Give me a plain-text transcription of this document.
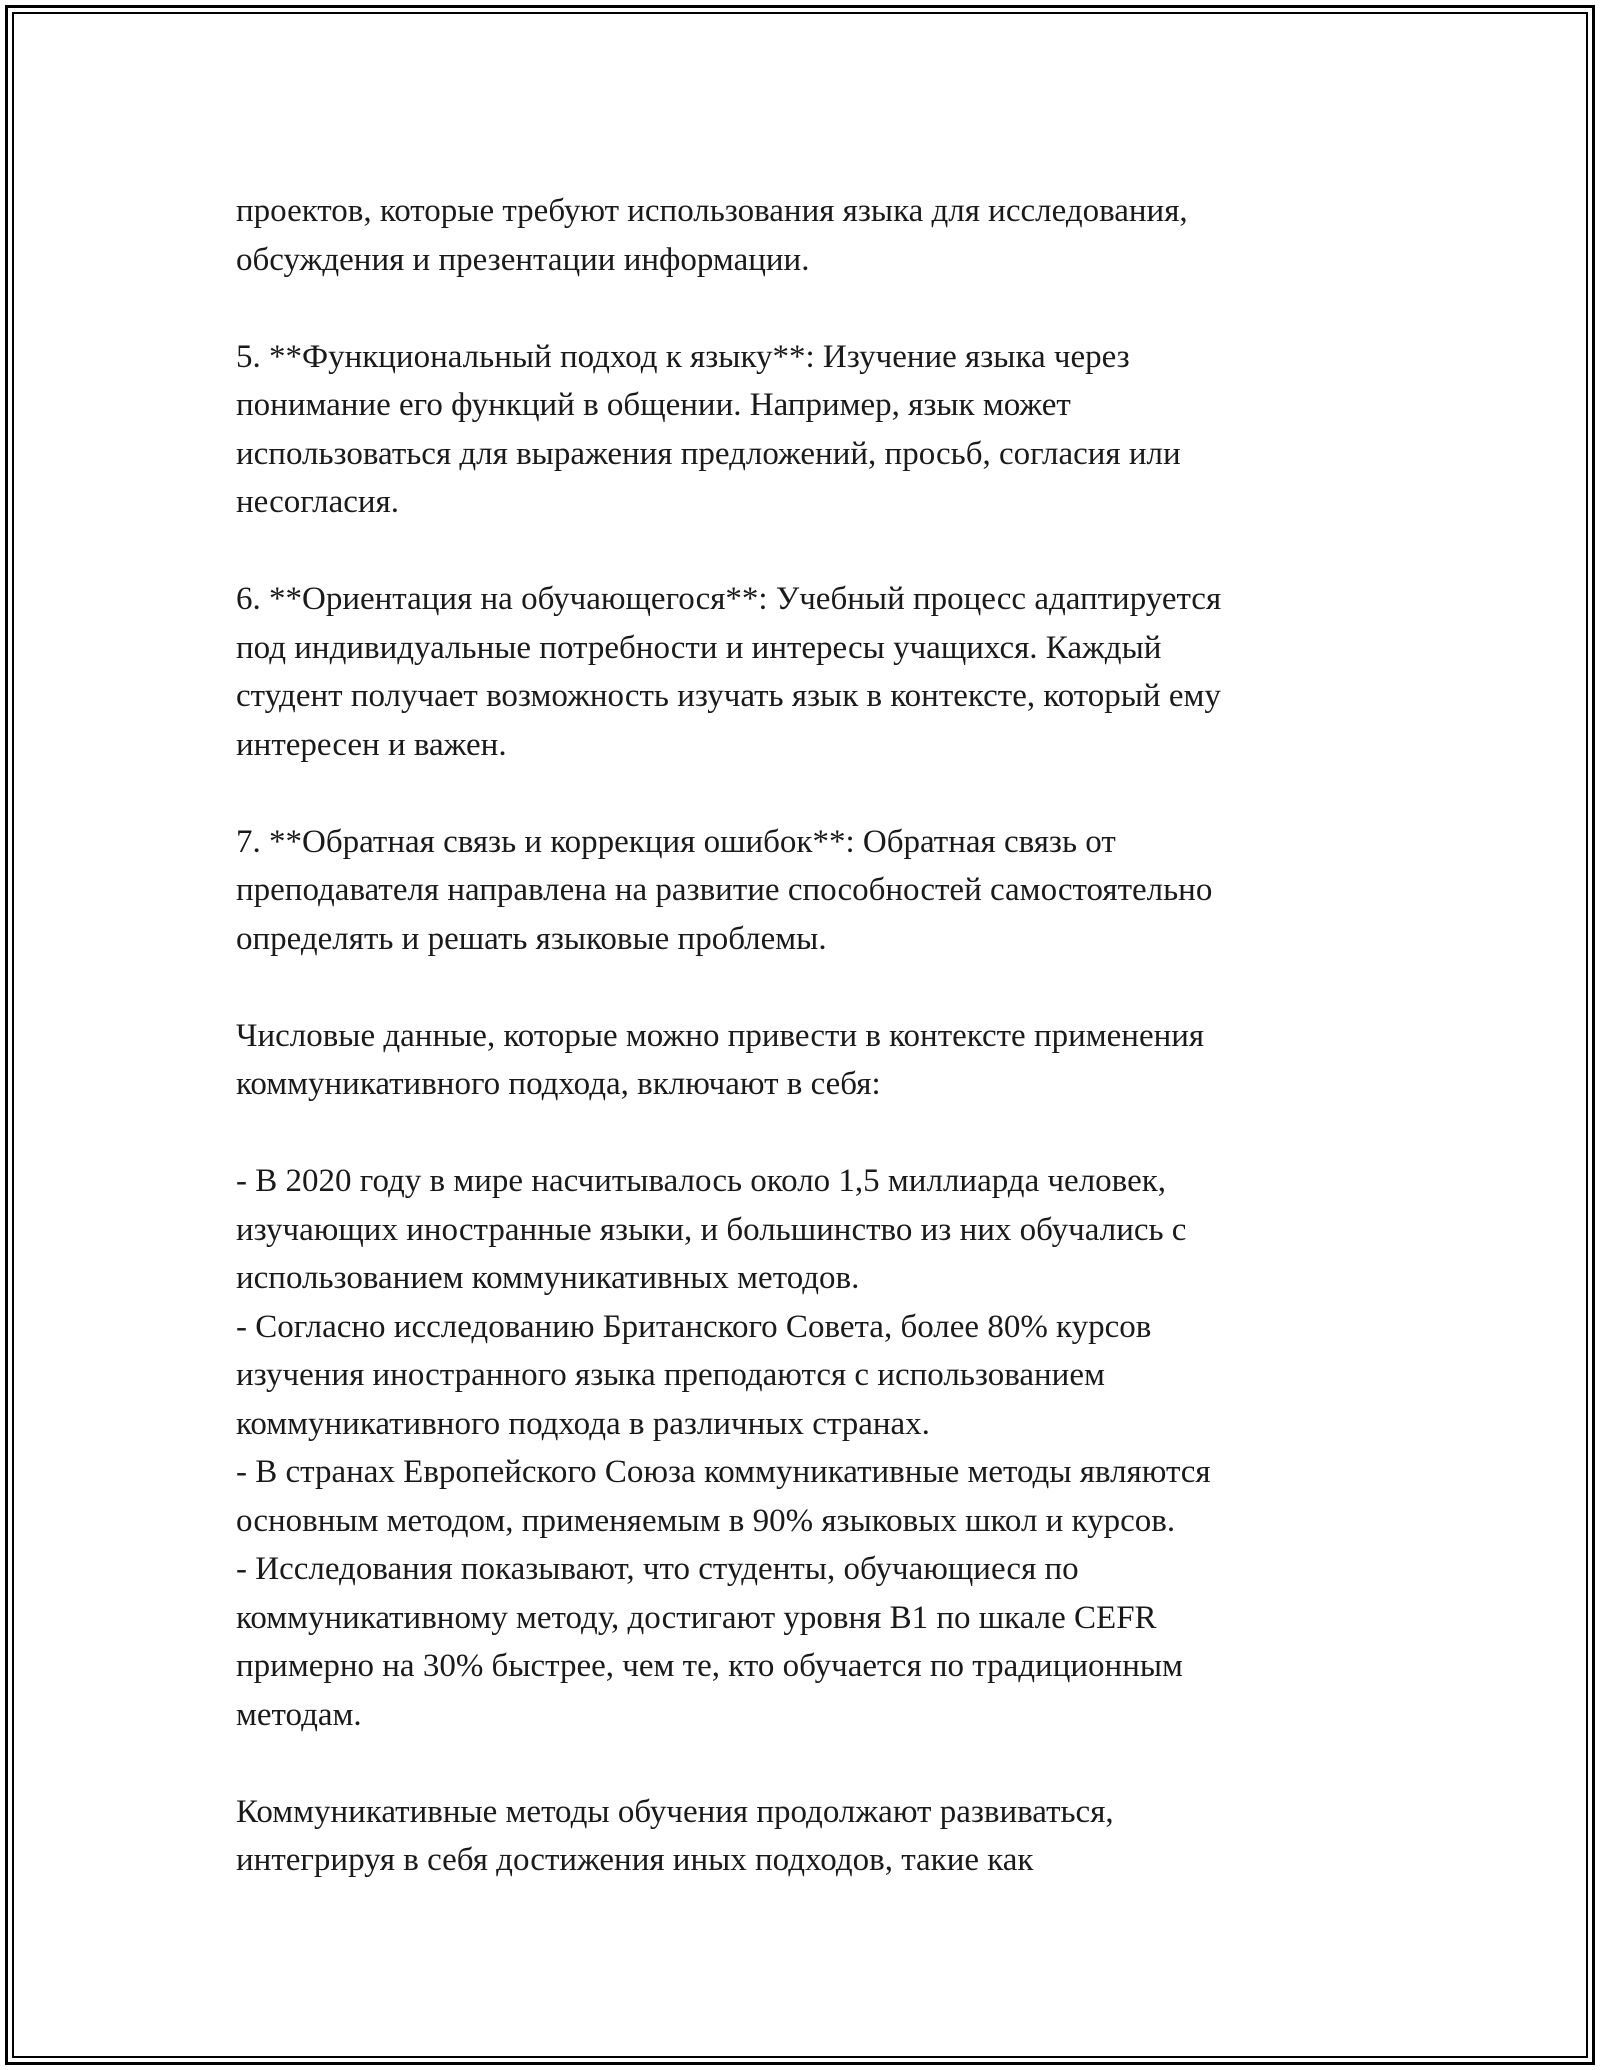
проектов, которые требуют использования языка для исследования,
обсуждения и презентации информации.
5. **Функциональный подход к языку**: Изучение языка через
понимание его функций в общении. Например, язык может
использоваться для выражения предложений, просьб, согласия или
несогласия.
6. **Ориентация на обучающегося**: Учебный процесс адаптируется
под индивидуальные потребности и интересы учащихся. Каждый
студент получает возможность изучать язык в контексте, который ему
интересен и важен.
7. **Обратная связь и коррекция ошибок**: Обратная связь от
преподавателя направлена на развитие способностей самостоятельно
определять и решать языковые проблемы.
Числовые данные, которые можно привести в контексте применения
коммуникативного подхода, включают в себя:
- В 2020 году в мире насчитывалось около 1,5 миллиарда человек,
изучающих иностранные языки, и большинство из них обучались с
использованием коммуникативных методов.
- Согласно исследованию Британского Совета, более 80% курсов
изучения иностранного языка преподаются с использованием
коммуникативного подхода в различных странах.
- В странах Европейского Союза коммуникативные методы являются
основным методом, применяемым в 90% языковых школ и курсов.
- Исследования показывают, что студенты, обучающиеся по
коммуникативному методу, достигают уровня B1 по шкале CEFR
примерно на 30% быстрее, чем те, кто обучается по традиционным
методам.
Коммуникативные методы обучения продолжают развиваться,
интегрируя в себя достижения иных подходов, такие как
